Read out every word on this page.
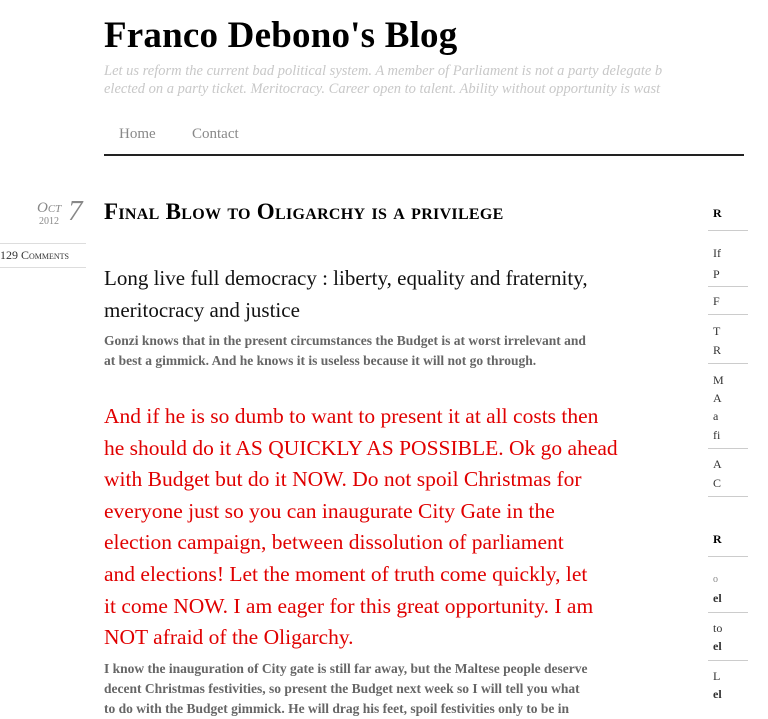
Franco Debono's Blog
Let us reform the current bad political system. A member of Parliament is not a party delegate b
elected on a party ticket. Meritocracy. Career open to talent. Ability without opportunity is wast
Home Contact
Oct 7
2012
129 Comments
Final Blow to Oligarchy is a privilege
Long live full democracy : liberty, equality and fraternity,
meritocracy and justice
Gonzi knows that in the present circumstances the Budget is at worst irrelevant and
at best a gimmick. And he knows it is useless because it will not go through.
And if he is so dumb to want to present it at all costs then
he should do it AS QUICKLY AS POSSIBLE. Ok go ahead
with Budget but do it NOW. Do not spoil Christmas for
everyone just so you can inaugurate City Gate in the
election campaign, between dissolution of parliament
and elections! Let the moment of truth come quickly, let
it come NOW. I am eager for this great opportunity. I am
NOT afraid of the Oligarchy.
I know the inauguration of City gate is still far away, but the Maltese people deserve
decent Christmas festivities, so present the Budget next week so I will tell you what
to do with the Budget gimmick. He will drag his feet, spoil festivities only to be in
R
If
P
F
T
R
M
A
a
fi
A
C
R
o
el
to
el
L
el
